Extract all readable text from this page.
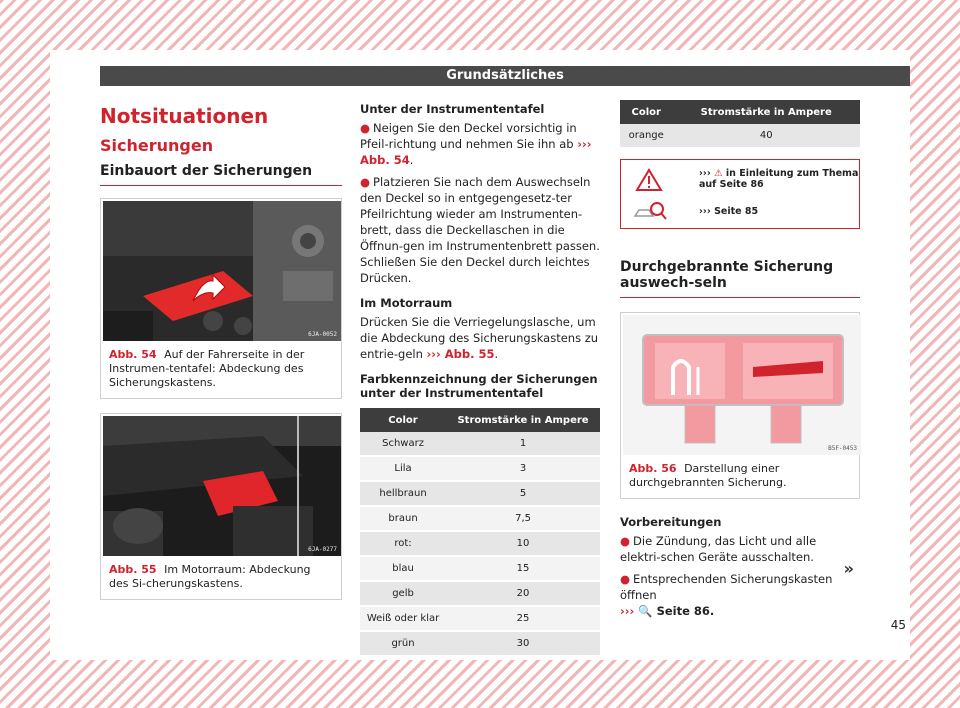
Grundsätzliches
Notsituationen
Sicherungen
Einbauort der Sicherungen
6JA-0052
Abb. 54 Auf der Fahrerseite in der Instrumen-tentafel: Abdeckung des Sicherungskastens.
6JA-0277
Abb. 55 Im Motorraum: Abdeckung des Si-cherungskastens.
Unter der Instrumententafel

● Neigen Sie den Deckel vorsichtig in Pfeil-richtung und nehmen Sie ihn ab ››› Abb. 54.

● Platzieren Sie nach dem Auswechseln den Deckel so in entgegengesetz-ter Pfeilrichtung wieder am Instrumenten-brett, dass die Deckellaschen in die Öffnun-gen im Instrumentenbrett passen. Schließen Sie den Deckel durch leichtes Drücken.

Im Motorraum

Drücken Sie die Verriegelungslasche, um die Abdeckung des Sicherungskastens zu entrie-geln ››› Abb. 55.

Farbkennzeichnung der Sicherungen unter der Instrumententafel
Color	Stromstärke in Ampere
Schwarz	1
Lila	3
hellbraun	5
braun	7,5
rot:	10
blau	15
gelb	20
Weiß oder klar	25
grün	30
Color	Stromstärke in Ampere
orange	40
››› ⚠ in Einleitung zum Thema auf Seite 86
››› Seite 85
Durchgebrannte Sicherung auswech-seln
B5F-0453
Abb. 56 Darstellung einer durchgebrannten Sicherung.
Vorbereitungen

● Die Zündung, das Licht und alle elektri-schen Geräte ausschalten.

● Entsprechenden Sicherungskasten öffnen
››› 🔍 Seite 86.

»
45
